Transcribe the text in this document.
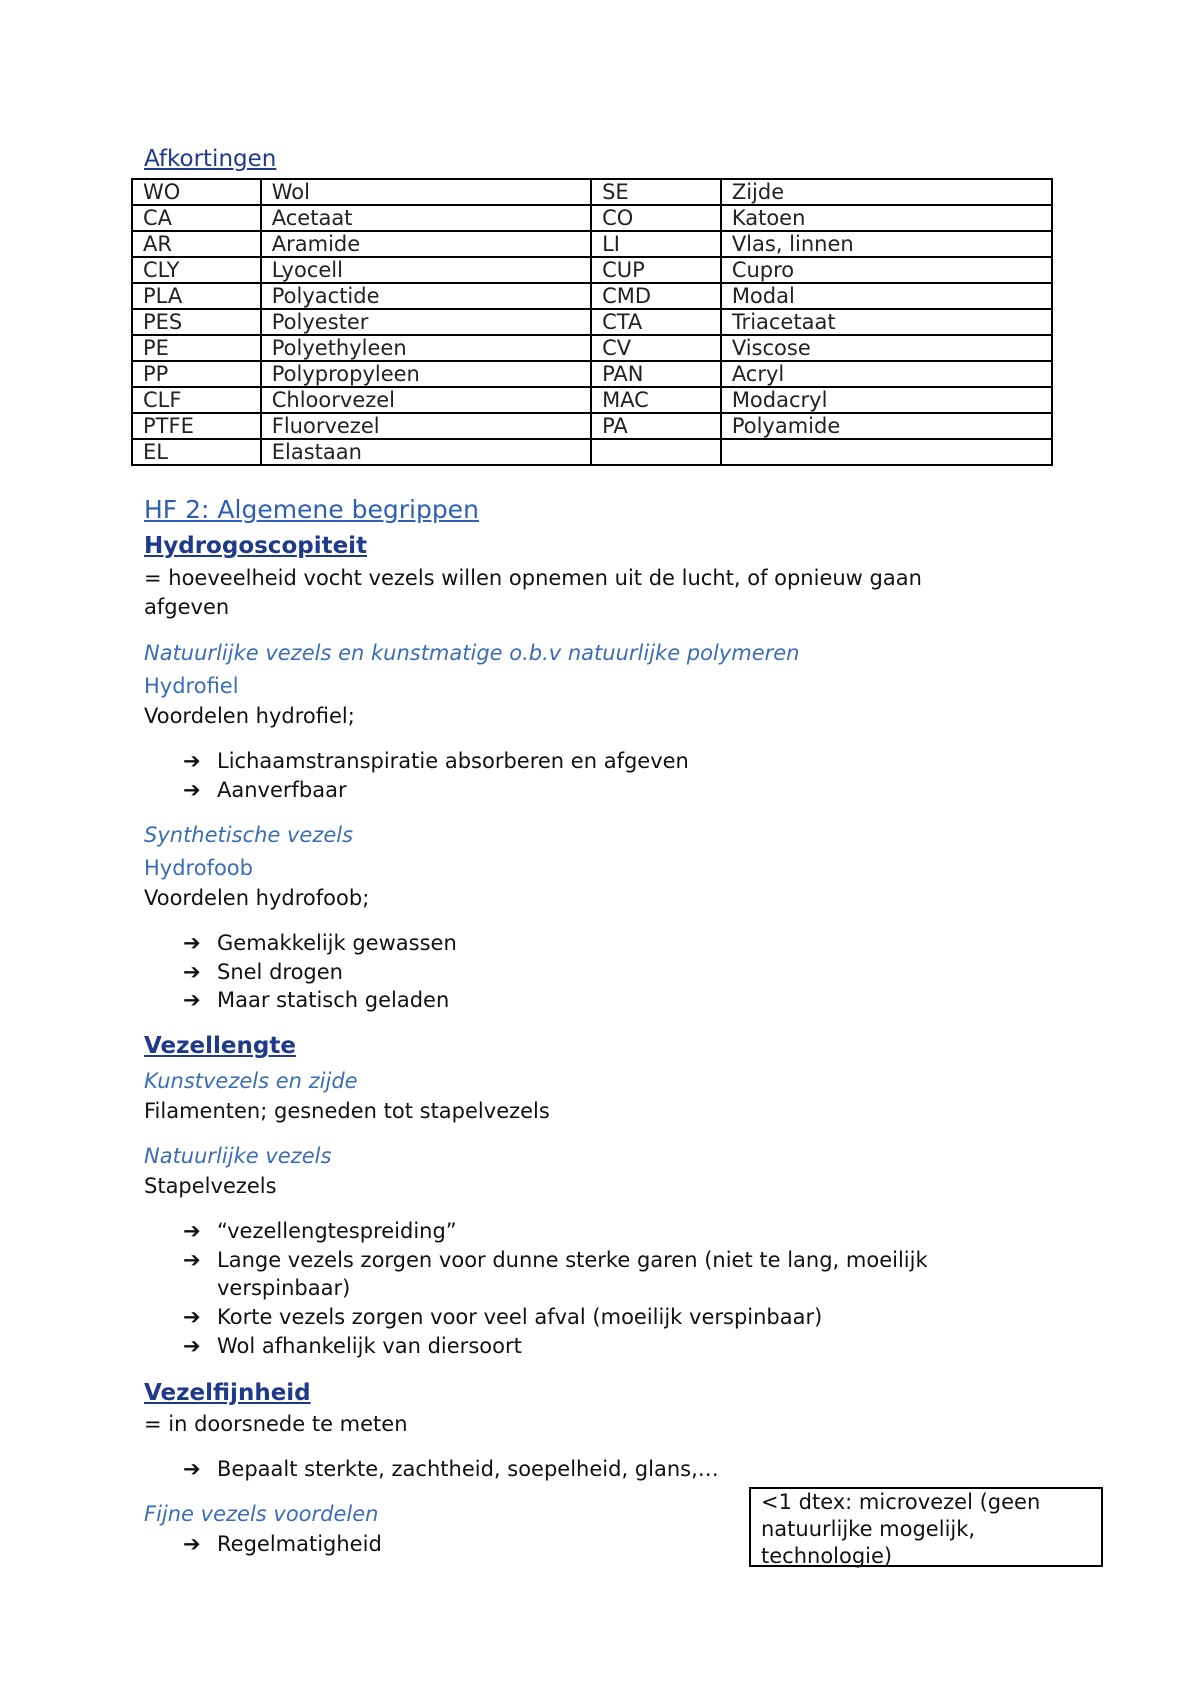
Afkortingen
WO	Wol	SE	Zijde
CA	Acetaat	CO	Katoen
AR	Aramide	LI	Vlas, linnen
CLY	Lyocell	CUP	Cupro
PLA	Polyactide	CMD	Modal
PES	Polyester	CTA	Triacetaat
PE	Polyethyleen	CV	Viscose
PP	Polypropyleen	PAN	Acryl
CLF	Chloorvezel	MAC	Modacryl
PTFE	Fluorvezel	PA	Polyamide
EL	Elastaan		
HF 2: Algemene begrippen
Hydrogoscopiteit
= hoeveelheid vocht vezels willen opnemen uit de lucht, of opnieuw gaan
afgeven
Natuurlijke vezels en kunstmatige o.b.v natuurlijke polymeren
Hydrofiel
Voordelen hydrofiel;
➔ Lichaamstranspiratie absorberen en afgeven
➔ Aanverfbaar
Synthetische vezels
Hydrofoob
Voordelen hydrofoob;
➔ Gemakkelijk gewassen
➔ Snel drogen
➔ Maar statisch geladen
Vezellengte
Kunstvezels en zijde
Filamenten; gesneden tot stapelvezels
Natuurlijke vezels
Stapelvezels
➔ “vezellengtespreiding”
➔ Lange vezels zorgen voor dunne sterke garen (niet te lang, moeilijk
verspinbaar)
➔ Korte vezels zorgen voor veel afval (moeilijk verspinbaar)
➔ Wol afhankelijk van diersoort
Vezelfijnheid
= in doorsnede te meten
➔ Bepaalt sterkte, zachtheid, soepelheid, glans,…
Fijne vezels voordelen
➔ Regelmatigheid
<1 dtex: microvezel (geen natuurlijke mogelijk, technologie)
